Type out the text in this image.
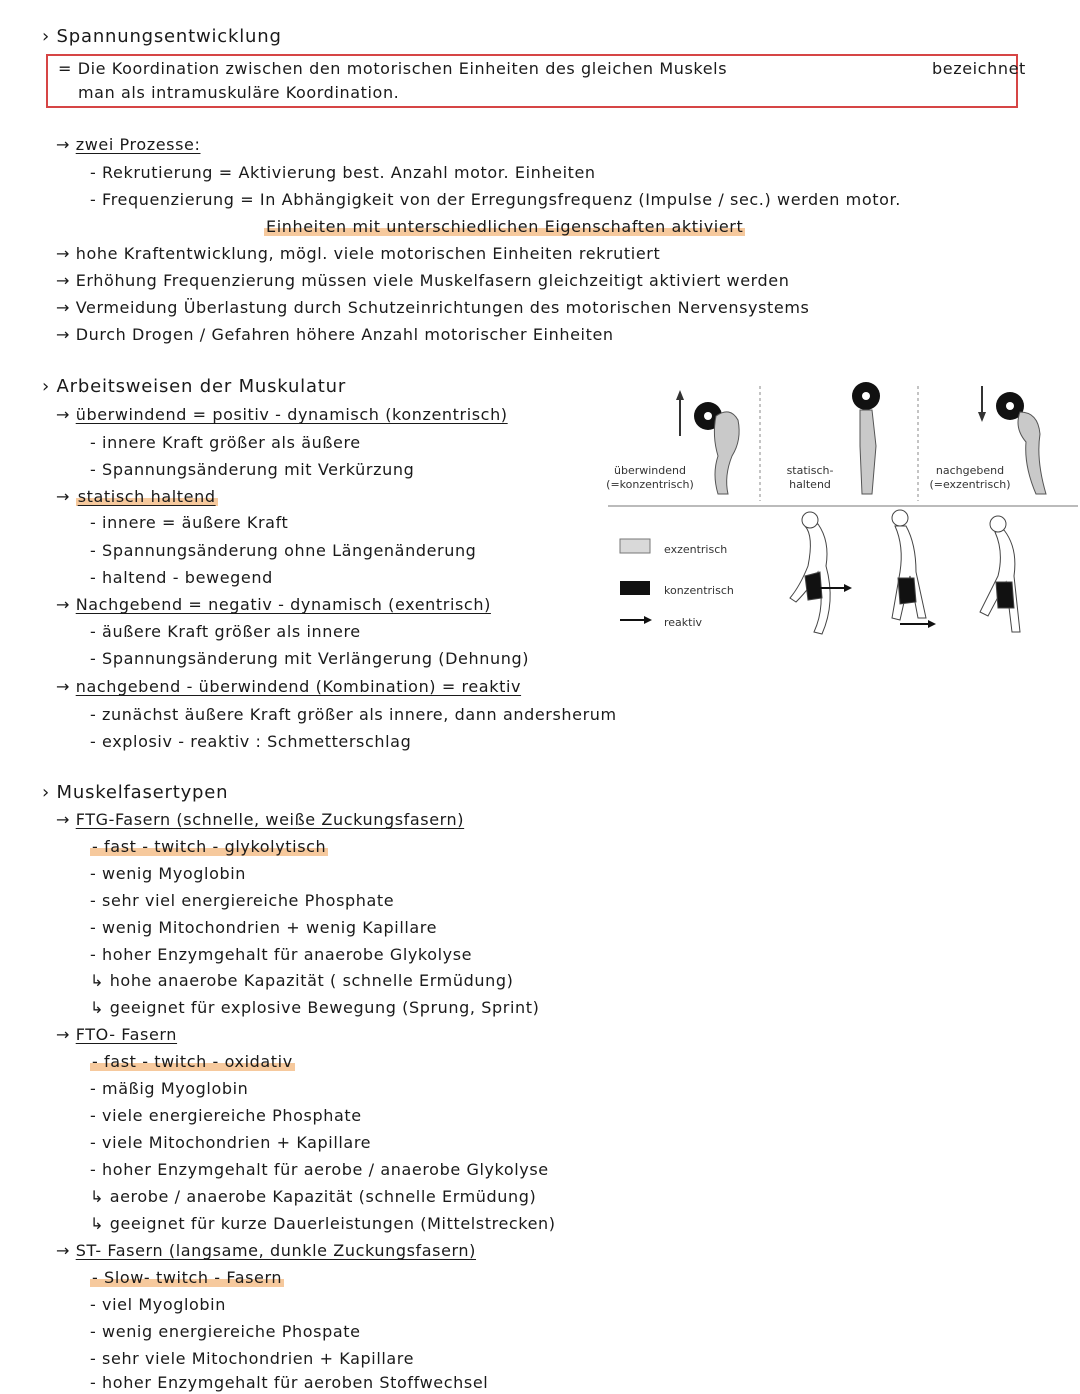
› Spannungsentwicklung
= Die Koordination zwischen den motorischen Einheiten des gleichen Muskels	bezeichnet
man als intramuskuläre Koordination.
→ zwei Prozesse:
- Rekrutierung = Aktivierung best. Anzahl motor. Einheiten
- Frequenzierung = In Abhängigkeit von der Erregungsfrequenz (Impulse / sec.) werden motor.
Einheiten mit unterschiedlichen Eigenschaften aktiviert
→ hohe Kraftentwicklung, mögl. viele motorischen Einheiten rekrutiert
→ Erhöhung Frequenzierung müssen viele Muskelfasern gleichzeitigt aktiviert werden
→ Vermeidung Überlastung durch Schutzeinrichtungen des motorischen Nervensystems
→ Durch Drogen / Gefahren höhere Anzahl motorischer Einheiten
› Arbeitsweisen der Muskulatur
→ überwindend = positiv - dynamisch (konzentrisch)
- innere Kraft größer als äußere
- Spannungsänderung mit Verkürzung
→ statisch haltend
- innere = äußere Kraft
- Spannungsänderung ohne Längenänderung
- haltend - bewegend
→ Nachgebend = negativ - dynamisch (exentrisch)
- äußere Kraft größer als innere
- Spannungsänderung mit Verlängerung (Dehnung)
→ nachgebend - überwindend (Kombination) = reaktiv
- zunächst äußere Kraft größer als innere, dann andersherum
- explosiv - reaktiv : Schmetterschlag
überwindend
(=konzentrisch)
statisch-
haltend
nachgebend
(=exzentrisch)
exzentrisch
konzentrisch
reaktiv
› Muskelfasertypen
→ FTG-Fasern (schnelle, weiße Zuckungsfasern)
- fast - twitch - glykolytisch
- wenig Myoglobin
- sehr viel energiereiche Phosphate
- wenig Mitochondrien + wenig Kapillare
- hoher Enzymgehalt für anaerobe Glykolyse
↳ hohe anaerobe Kapazität ( schnelle Ermüdung)
↳ geeignet für explosive Bewegung (Sprung, Sprint)
→ FTO- Fasern
- fast - twitch - oxidativ
- mäßig Myoglobin
- viele energiereiche Phosphate
- viele Mitochondrien + Kapillare
- hoher Enzymgehalt für aerobe / anaerobe Glykolyse
↳ aerobe / anaerobe Kapazität (schnelle Ermüdung)
↳ geeignet für kurze Dauerleistungen (Mittelstrecken)
→ ST- Fasern (langsame, dunkle Zuckungsfasern)
- Slow- twitch - Fasern
- viel Myoglobin
- wenig energiereiche Phospate
- sehr viele Mitochondrien + Kapillare
- hoher Enzymgehalt für aeroben Stoffwechsel
